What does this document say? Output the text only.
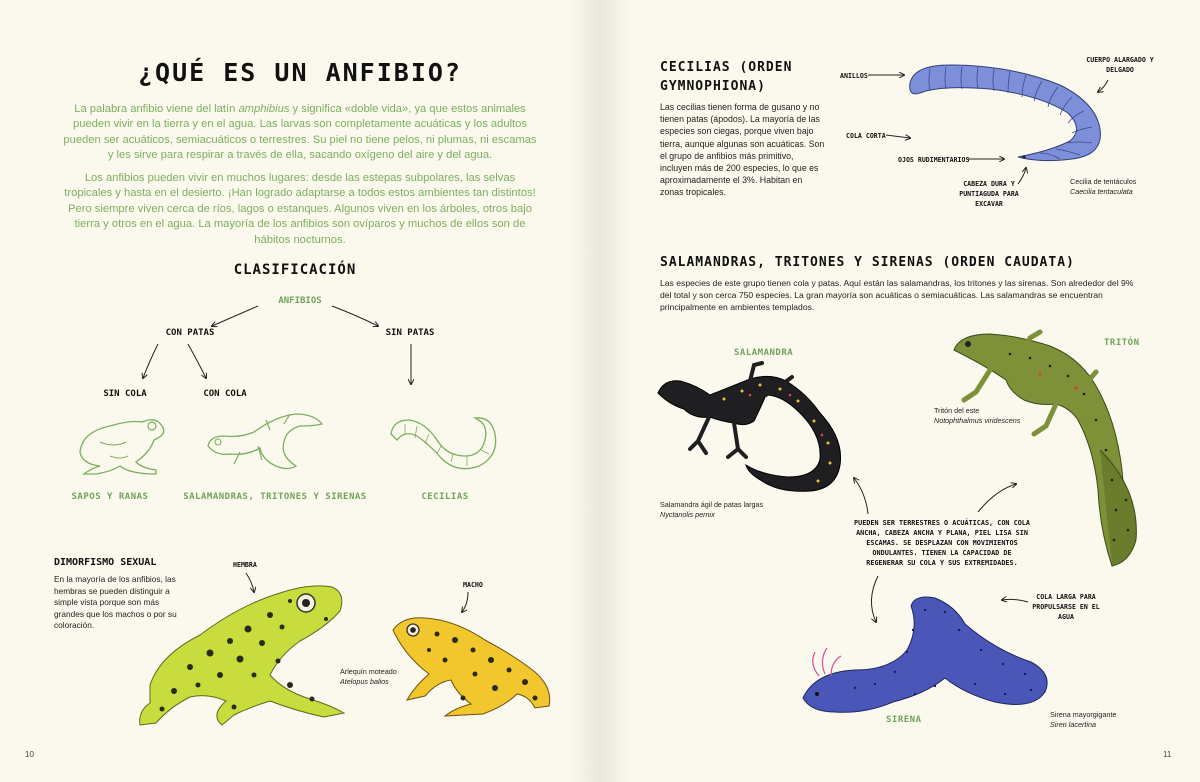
¿QUÉ ES UN ANFIBIO?
La palabra anfibio viene del latín amphibius y significa «doble vida», ya que estos animales pueden vivir en la tierra y en el agua. Las larvas son completamente acuáticas y los adultos pueden ser acuáticos, semiacuáticos o terrestres. Su piel no tiene pelos, ni plumas, ni escamas y les sirve para respirar a través de ella, sacando oxígeno del aire y del agua.
Los anfibios pueden vivir en muchos lugares: desde las estepas subpolares, las selvas tropicales y hasta en el desierto. ¡Han logrado adaptarse a todos estos ambientes tan distintos! Pero siempre viven cerca de ríos, lagos o estanques. Algunos viven en los árboles, otros bajo tierra y otros en el agua. La mayoría de los anfibios son ovíparos y muchos de ellos son de hábitos nocturnos.
CLASIFICACIÓN
ANFIBIOS
CON PATAS	SIN PATAS
SIN COLA	CON COLA
SAPOS Y RANAS	SALAMANDRAS, TRITONES Y SIRENAS	CECILIAS
DIMORFISMO SEXUAL
En la mayoría de los anfibios, las hembras se pueden distinguir a simple vista porque son más grandes que los machos o por su coloración.
HEMBRA
MACHO
Arlequín moteado
Atelopus balios
10
CECILIAS (ORDEN GYMNOPHIONA)
Las cecilias tienen forma de gusano y no tienen patas (ápodos). La mayoría de las especies son ciegas, porque viven bajo tierra, aunque algunas son acuáticas. Son el grupo de anfibios más primitivo, incluyen más de 200 especies, lo que es aproximadamente el 3%. Habitan en zonas tropicales.
ANILLOS
CUERPO ALARGADO Y DELGADO
COLA CORTA
OJOS RUDIMENTARIOS
CABEZA DURA Y PUNTIAGUDA PARA EXCAVAR
Cecilia de tentáculos
Caecilia tentaculata
SALAMANDRAS, TRITONES Y SIRENAS (ORDEN CAUDATA)
Las especies de este grupo tienen cola y patas. Aquí están las salamandras, los tritones y las sirenas. Son alrededor del 9% del total y son cerca 750 especies. La gran mayoría son acuáticas o semiacuáticas. Las salamandras se encuentran principalmente en ambientes templados.
SALAMANDRA
TRITÓN
SIRENA
Salamandra ágil de patas largas
Nyctanolis pernix
Tritón del este
Notophthalmus viridescens
PUEDEN SER TERRESTRES O ACUÁTICAS, CON COLA ANCHA, CABEZA ANCHA Y PLANA, PIEL LISA SIN ESCAMAS. SE DESPLAZAN CON MOVIMIENTOS ONDULANTES. TIENEN LA CAPACIDAD DE REGENERAR SU COLA Y SUS EXTREMIDADES.
COLA LARGA PARA PROPULSARSE EN EL AGUA
Sirena mayorgigante
Siren lacertina
11
